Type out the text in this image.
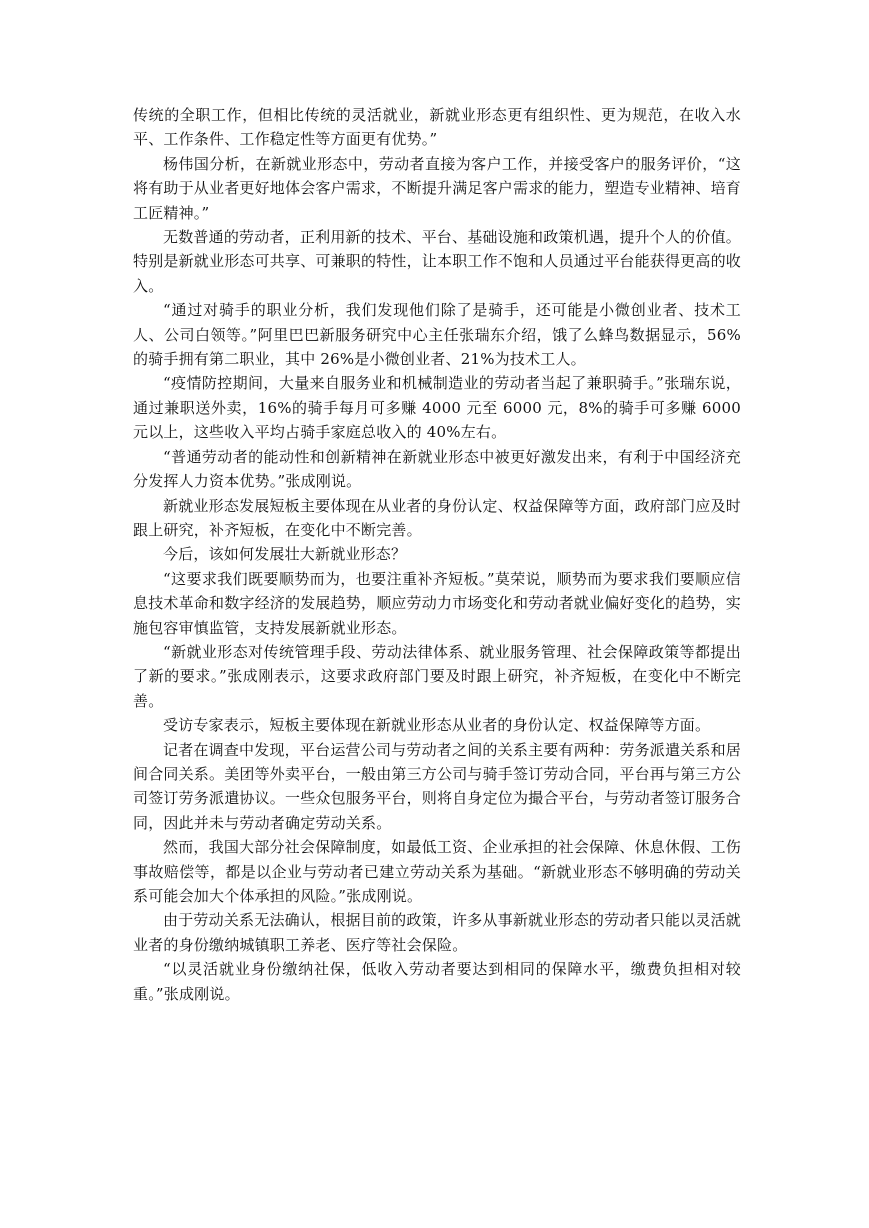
传统的全职工作，但相比传统的灵活就业，新就业形态更有组织性、更为规范，在收入水平、工作条件、工作稳定性等方面更有优势。”

杨伟国分析，在新就业形态中，劳动者直接为客户工作，并接受客户的服务评价，“这将有助于从业者更好地体会客户需求，不断提升满足客户需求的能力，塑造专业精神、培育工匠精神。”

无数普通的劳动者，正利用新的技术、平台、基础设施和政策机遇，提升个人的价值。特别是新就业形态可共享、可兼职的特性，让本职工作不饱和人员通过平台能获得更高的收入。

“通过对骑手的职业分析，我们发现他们除了是骑手，还可能是小微创业者、技术工人、公司白领等。”阿里巴巴新服务研究中心主任张瑞东介绍，饿了么蜂鸟数据显示，56%的骑手拥有第二职业，其中 26%是小微创业者、21%为技术工人。

“疫情防控期间，大量来自服务业和机械制造业的劳动者当起了兼职骑手。”张瑞东说，通过兼职送外卖，16%的骑手每月可多赚 4000 元至 6000 元，8%的骑手可多赚 6000 元以上，这些收入平均占骑手家庭总收入的 40%左右。

“普通劳动者的能动性和创新精神在新就业形态中被更好激发出来，有利于中国经济充分发挥人力资本优势。”张成刚说。

新就业形态发展短板主要体现在从业者的身份认定、权益保障等方面，政府部门应及时跟上研究，补齐短板，在变化中不断完善。

今后，该如何发展壮大新就业形态？

“这要求我们既要顺势而为，也要注重补齐短板。”莫荣说，顺势而为要求我们要顺应信息技术革命和数字经济的发展趋势，顺应劳动力市场变化和劳动者就业偏好变化的趋势，实施包容审慎监管，支持发展新就业形态。

“新就业形态对传统管理手段、劳动法律体系、就业服务管理、社会保障政策等都提出了新的要求。”张成刚表示，这要求政府部门要及时跟上研究，补齐短板，在变化中不断完善。

受访专家表示，短板主要体现在新就业形态从业者的身份认定、权益保障等方面。

记者在调查中发现，平台运营公司与劳动者之间的关系主要有两种：劳务派遣关系和居间合同关系。美团等外卖平台，一般由第三方公司与骑手签订劳动合同，平台再与第三方公司签订劳务派遣协议。一些众包服务平台，则将自身定位为撮合平台，与劳动者签订服务合同，因此并未与劳动者确定劳动关系。

然而，我国大部分社会保障制度，如最低工资、企业承担的社会保障、休息休假、工伤事故赔偿等，都是以企业与劳动者已建立劳动关系为基础。“新就业形态不够明确的劳动关系可能会加大个体承担的风险。”张成刚说。

由于劳动关系无法确认，根据目前的政策，许多从事新就业形态的劳动者只能以灵活就业者的身份缴纳城镇职工养老、医疗等社会保险。

“以灵活就业身份缴纳社保，低收入劳动者要达到相同的保障水平，缴费负担相对较重。”张成刚说。
